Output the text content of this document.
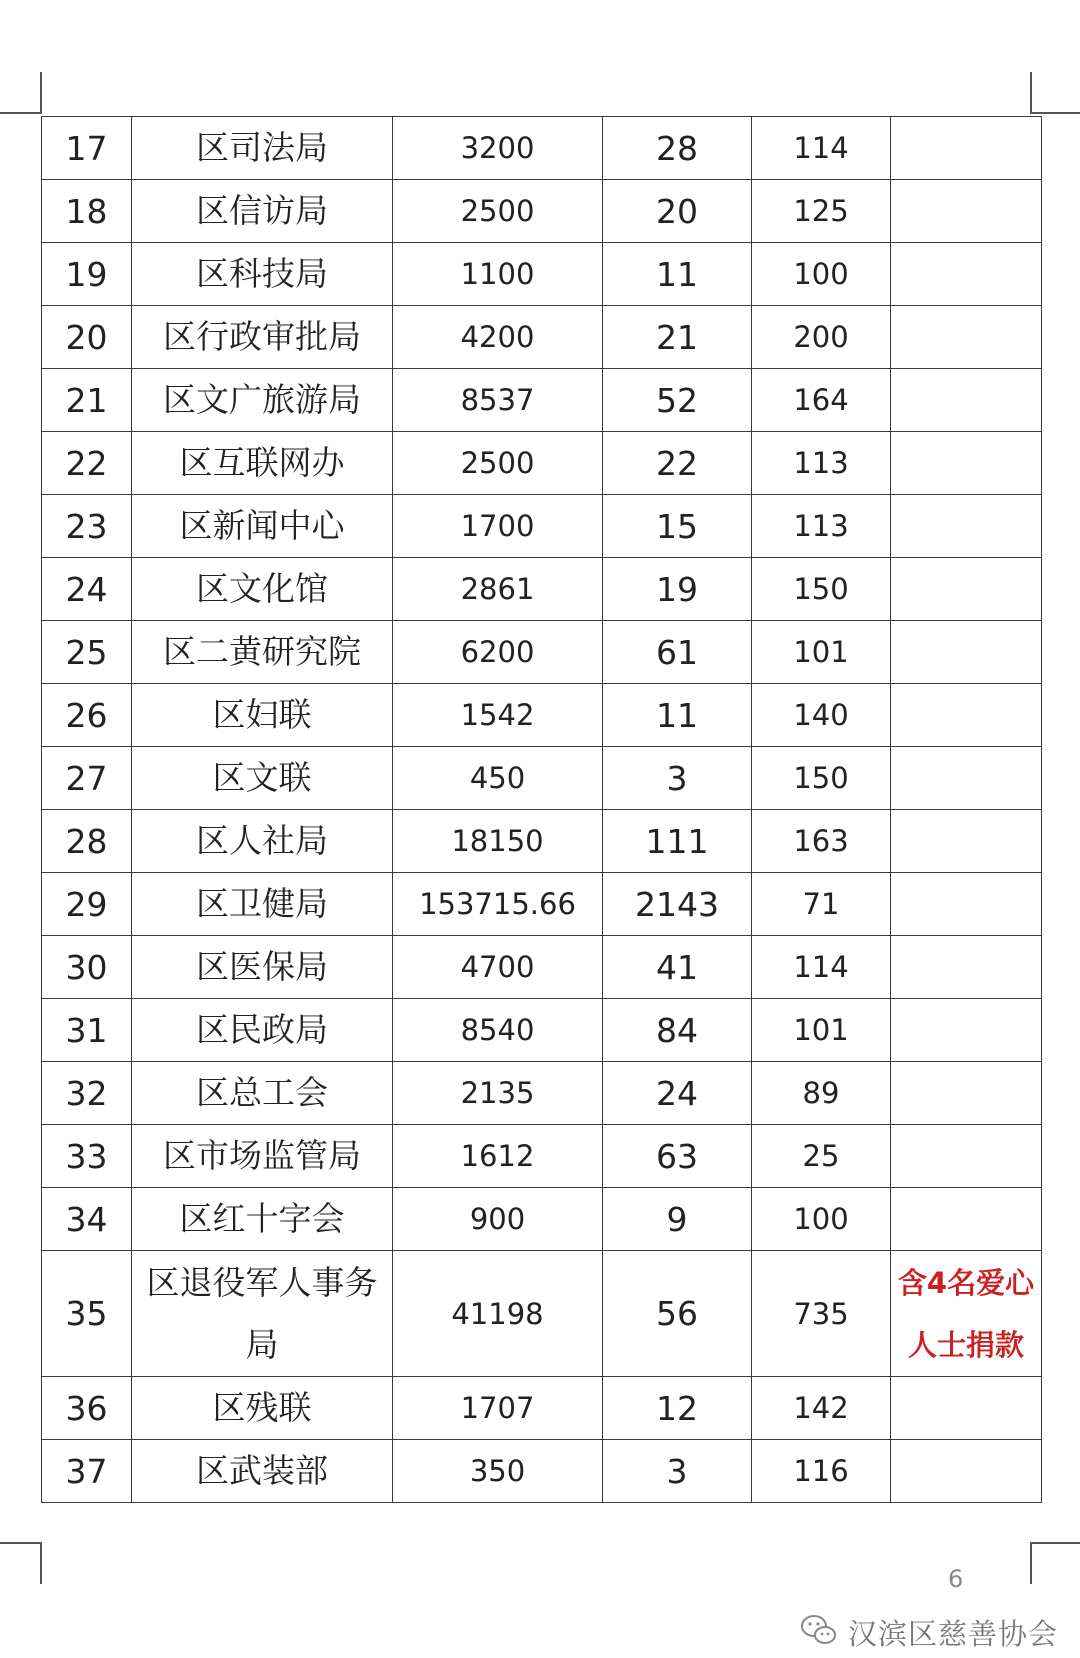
17	区司法局	3200	28	114	
18	区信访局	2500	20	125	
19	区科技局	1100	11	100	
20	区行政审批局	4200	21	200	
21	区文广旅游局	8537	52	164	
22	区互联网办	2500	22	113	
23	区新闻中心	1700	15	113	
24	区文化馆	2861	19	150	
25	区二黄研究院	6200	61	101	
26	区妇联	1542	11	140	
27	区文联	450	3	150	
28	区人社局	18150	111	163	
29	区卫健局	153715.66	2143	71	
30	区医保局	4700	41	114	
31	区民政局	8540	84	101	
32	区总工会	2135	24	89	
33	区市场监管局	1612	63	25	
34	区红十字会	900	9	100	
35	区退役军人事务局	41198	56	735	含4名爱心人士捐款
36	区残联	1707	12	142	
37	区武装部	350	3	116	
6
汉滨区慈善协会
